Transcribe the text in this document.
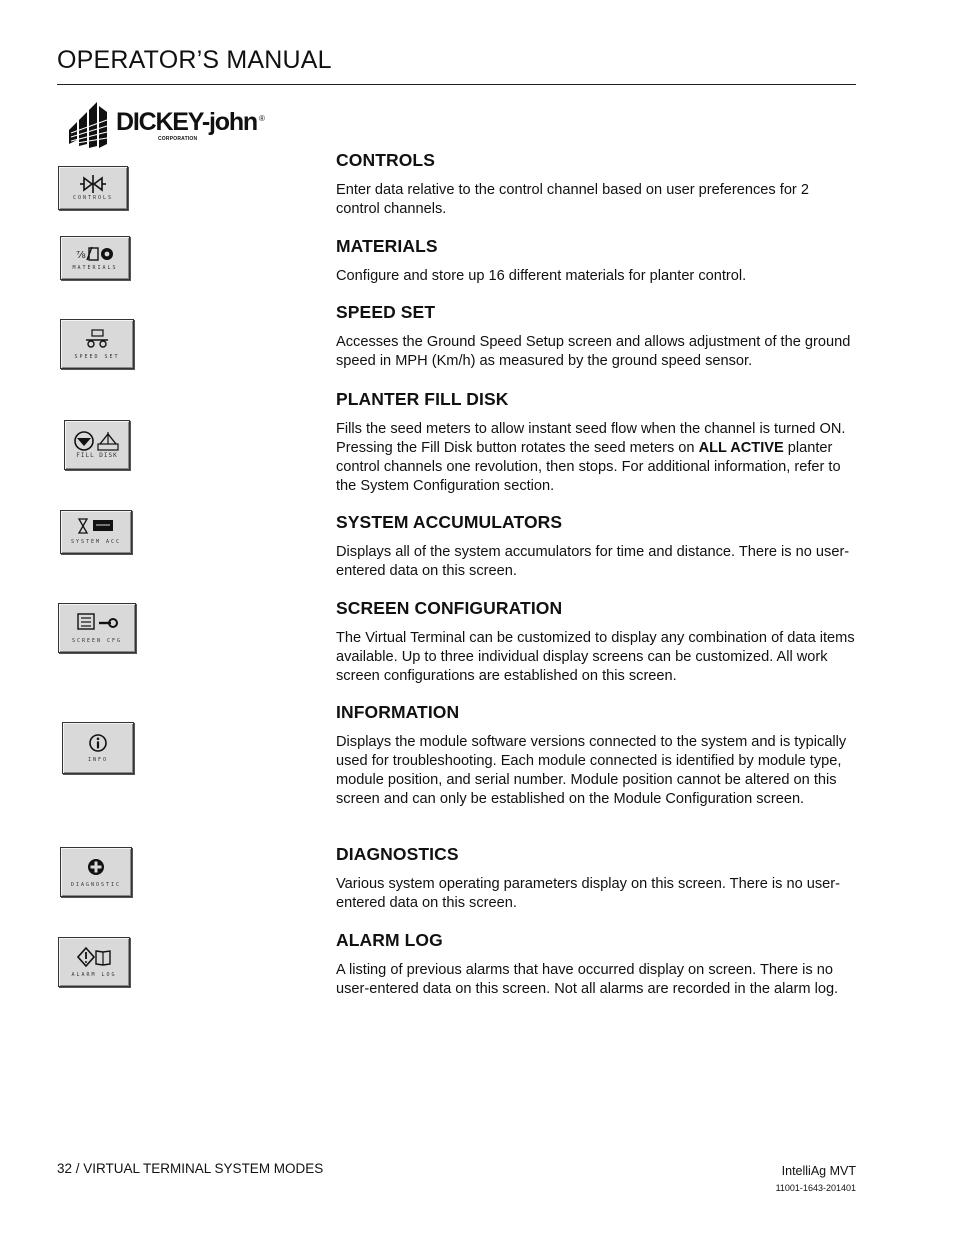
OPERATOR’S MANUAL
DICKEY-john ®
CORPORATION
CONTROLS
⅞
MATERIALS
SPEED SET
FILL DISK
SYSTEM ACC
SCREEN CFG
INFO
DIAGNOSTIC
ALARM LOG
CONTROLS

Enter data relative to the control channel based on user preferences for 2 control channels.

MATERIALS

Configure and store up 16 different materials for planter control.

SPEED SET

Accesses the Ground Speed Setup screen and allows adjustment of the ground speed in MPH (Km/h) as measured by the ground speed sensor.

PLANTER FILL DISK

Fills the seed meters to allow instant seed flow when the channel is turned ON. Pressing the Fill Disk button rotates the seed meters on ALL ACTIVE planter control channels one revolution, then stops. For additional information, refer to the System Configuration section.

SYSTEM ACCUMULATORS

Displays all of the system accumulators for time and distance. There is no user-entered data on this screen.

SCREEN CONFIGURATION

The Virtual Terminal can be customized to display any combination of data items available. Up to three individual display screens can be customized. All work screen configurations are established on this screen.

INFORMATION

Displays the module software versions connected to the system and is typically used for troubleshooting. Each module connected is identified by module type, module position, and serial number. Module position cannot be altered on this screen and can only be established on the Module Configuration screen.

DIAGNOSTICS

Various system operating parameters display on this screen. There is no user-entered data on this screen.

ALARM LOG

A listing of previous alarms that have occurred display on screen. There is no user-entered data on this screen. Not all alarms are recorded in the alarm log.

32 / VIRTUAL TERMINAL SYSTEM MODES	IntelliAg MVT
11001-1643-201401
